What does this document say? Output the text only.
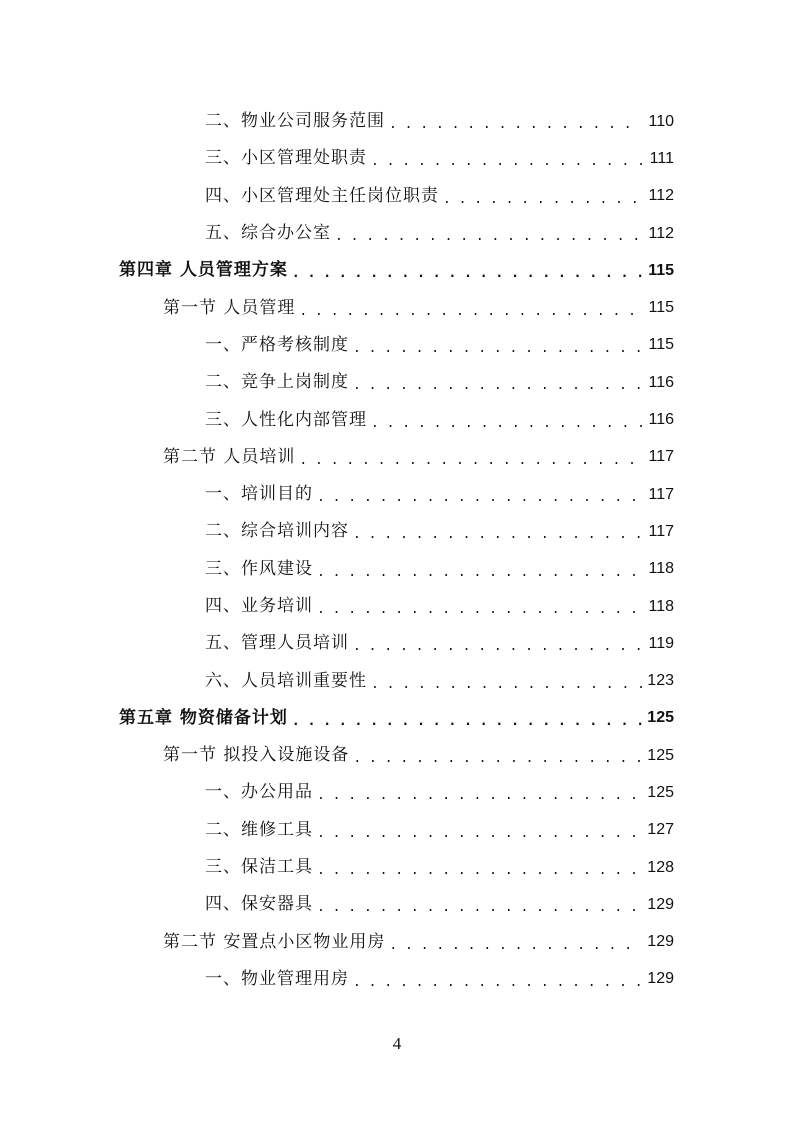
二、物业公司服务范围 . . .	110
三、小区管理处职责 . . .	111
四、小区管理处主任岗位职责 . . .	112
五、综合办公室 . . .	112
第四章 人员管理方案 . . .	115
第一节 人员管理 . . .	115
一、严格考核制度 . . .	115
二、竞争上岗制度 . . .	116
三、人性化内部管理 . . .	116
第二节 人员培训 . . .	117
一、培训目的 . . .	117
二、综合培训内容 . . .	117
三、作风建设 . . .	118
四、业务培训 . . .	118
五、管理人员培训 . . .	119
六、人员培训重要性 . . .	123
第五章 物资储备计划 . . .	125
第一节 拟投入设施设备 . . .	125
一、办公用品 . . .	125
二、维修工具 . . .	127
三、保洁工具 . . .	128
四、保安器具 . . .	129
第二节 安置点小区物业用房 . . .	129
一、物业管理用房 . . .	129
4
